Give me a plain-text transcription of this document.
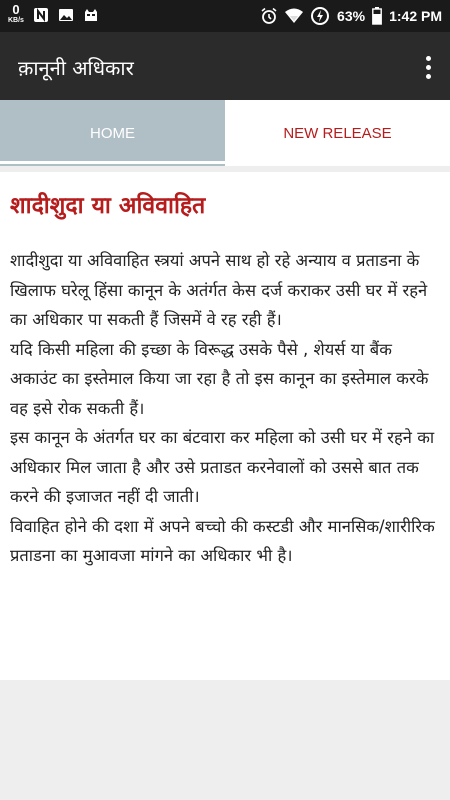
0
KB/s	63% 1:42 PM
क़ानूनी अधिकार
HOME	NEW RELEASE
शादीशुदा या अविवाहित
शादीशुदा या अविवाहित स्त्रयां अपने साथ हो रहे अन्याय व प्रताडना के खिलाफ घरेलू हिंसा कानून के अतंर्गत केस दर्ज कराकर उसी घर में रहने का अधिकार पा सकती हैं जिसमें वे रह रही हैं।
यदि किसी महिला की इच्छा के विरूद्ध उसके पैसे , शेयर्स या बैंक अकाउंट का इस्तेमाल किया जा रहा है तो इस कानून का इस्तेमाल करके वह इसे रोक सकती हैं।
इस कानून के अंतर्गत घर का बंटवारा कर महिला को उसी घर में रहने का अधिकार मिल जाता है और उसे प्रताडत करनेवालों को उससे बात तक करने की इजाजत नहीं दी जाती।
विवाहित होने की दशा में अपने बच्चो की कस्टडी और मानसिक/शारीरिक प्रताडना का मुआवजा मांगने का अधिकार भी है।
